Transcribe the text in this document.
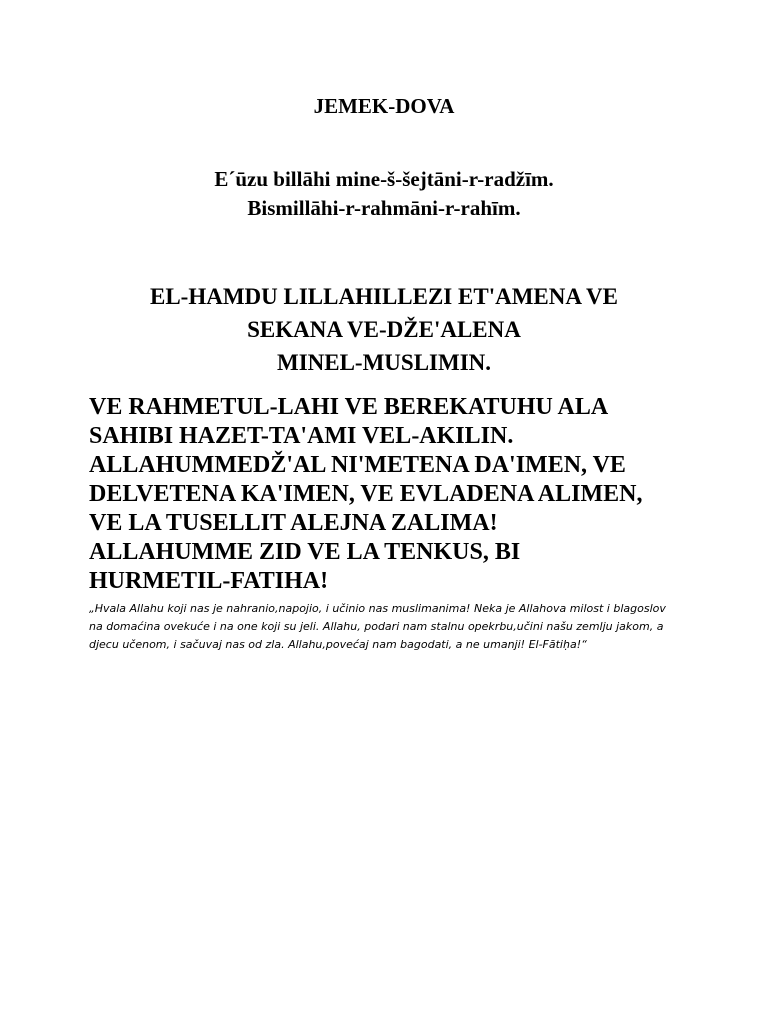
JEMEK-DOVA
E´ūzu billāhi mine-š-šejtāni-r-radžīm.
Bismillāhi-r-rahmāni-r-rahīm.
EL-HAMDU LILLAHILLEZI ET'AMENA VE
SEKANA VE-DŽE'ALENA
MINEL-MUSLIMIN.
VE RAHMETUL-LAHI VE BEREKATUHU ALA
SAHIBI HAZET-TA'AMI VEL-AKILIN.
ALLAHUMMEDŽ'AL NI'METENA DA'IMEN, VE
DELVETENA KA'IMEN, VE EVLADENA ALIMEN,
VE LA TUSELLIT ALEJNA ZALIMA!
ALLAHUMME ZID VE LA TENKUS, BI
HURMETIL-FATIHA!
„Hvala Allahu koji nas je nahranio,napojio, i učinio nas muslimanima! Neka je Allahova milost i blagoslov
na domaćina ovekuće i na one koji su jeli. Allahu, podari nam stalnu opekrbu,učini našu zemlju jakom, a
djecu učenom, i sačuvaj nas od zla. Allahu,povećaj nam bagodati, a ne umanji! El-Fātiḥa!“
